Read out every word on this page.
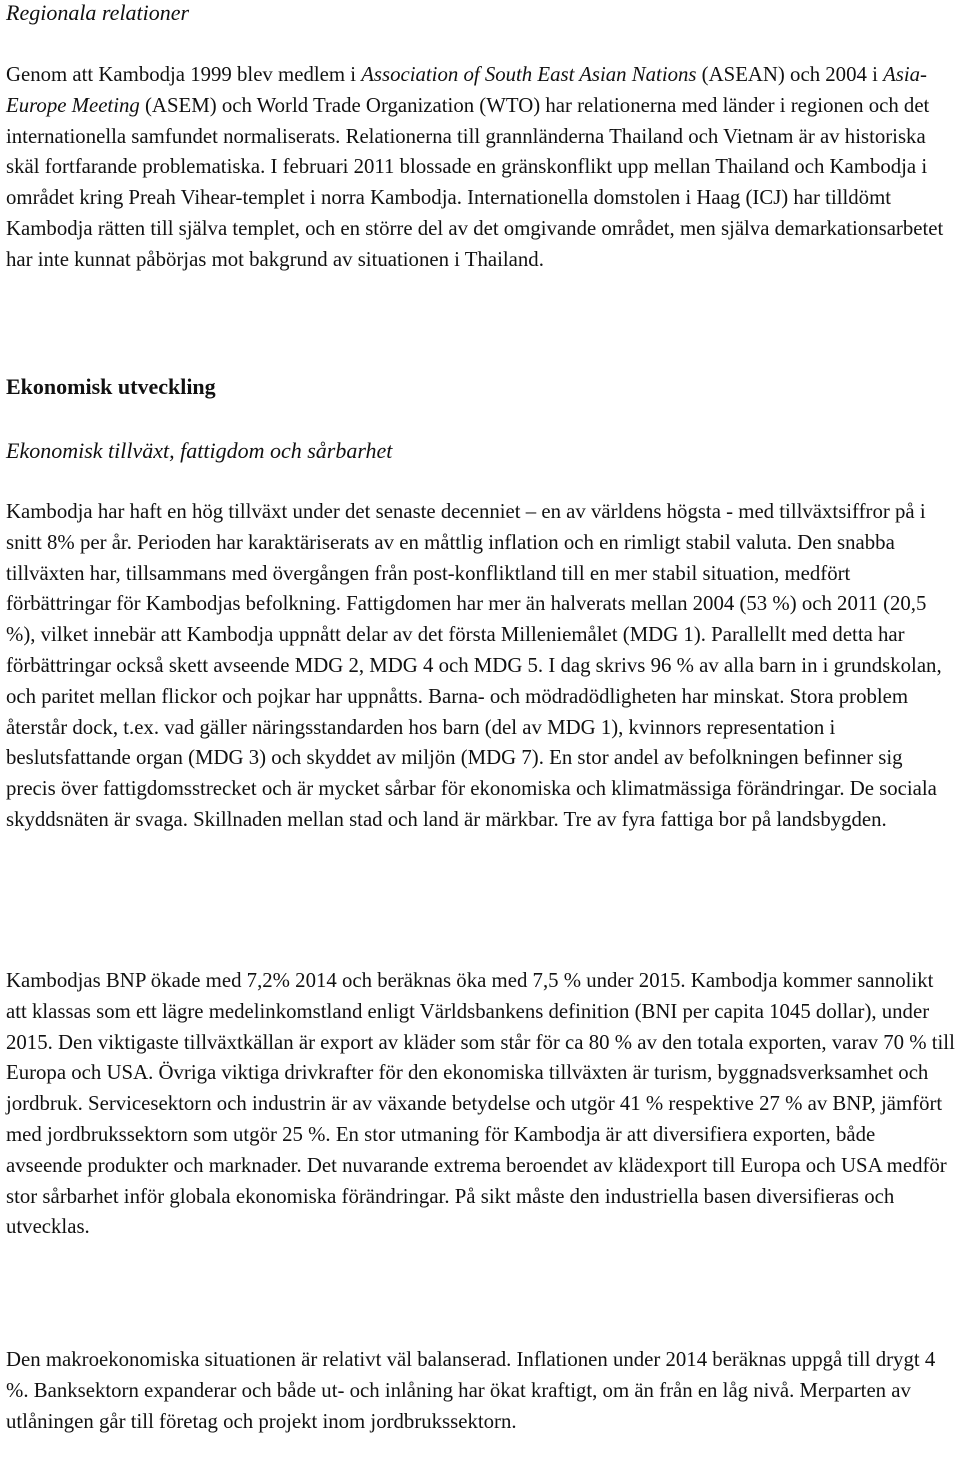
Regionala relationer

Genom att Kambodja 1999 blev medlem i Association of South East Asian Nations (ASEAN) och 2004 i Asia-Europe Meeting (ASEM) och World Trade Organization (WTO) har relationerna med länder i regionen och det internationella samfundet normaliserats. Relationerna till grannländerna Thailand och Vietnam är av historiska skäl fortfarande problematiska. I februari 2011 blossade en gränskonflikt upp mellan Thailand och Kambodja i området kring Preah Vihear-templet i norra Kambodja. Internationella domstolen i Haag (ICJ) har tilldömt Kambodja rätten till själva templet, och en större del av det omgivande området, men själva demarkationsarbetet har inte kunnat påbörjas mot bakgrund av situationen i Thailand.

Ekonomisk utveckling
Ekonomisk tillväxt, fattigdom och sårbarhet

Kambodja har haft en hög tillväxt under det senaste decenniet – en av världens högsta - med tillväxtsiffror på i snitt 8% per år. Perioden har karaktäriserats av en måttlig inflation och en rimligt stabil valuta. Den snabba tillväxten har, tillsammans med övergången från post-konfliktland till en mer stabil situation, medfört förbättringar för Kambodjas befolkning. Fattigdomen har mer än halverats mellan 2004 (53 %) och 2011 (20,5 %), vilket innebär att Kambodja uppnått delar av det första Milleniemålet (MDG 1). Parallellt med detta har förbättringar också skett avseende MDG 2, MDG 4 och MDG 5. I dag skrivs 96 % av alla barn in i grundskolan, och paritet mellan flickor och pojkar har uppnåtts. Barna- och mödradödligheten har minskat. Stora problem återstår dock, t.ex. vad gäller näringsstandarden hos barn (del av MDG 1), kvinnors representation i beslutsfattande organ (MDG 3) och skyddet av miljön (MDG 7). En stor andel av befolkningen befinner sig precis över fattigdomsstrecket och är mycket sårbar för ekonomiska och klimatmässiga förändringar. De sociala skyddsnäten är svaga. Skillnaden mellan stad och land är märkbar. Tre av fyra fattiga bor på landsbygden.

Kambodjas BNP ökade med 7,2% 2014 och beräknas öka med 7,5 % under 2015. Kambodja kommer sannolikt att klassas som ett lägre medelinkomstland enligt Världsbankens definition (BNI per capita 1045 dollar), under 2015. Den viktigaste tillväxtkällan är export av kläder som står för ca 80 % av den totala exporten, varav 70 % till Europa och USA. Övriga viktiga drivkrafter för den ekonomiska tillväxten är turism, byggnadsverksamhet och jordbruk. Servicesektorn och industrin är av växande betydelse och utgör 41 % respektive 27 % av BNP, jämfört med jordbrukssektorn som utgör 25 %. En stor utmaning för Kambodja är att diversifiera exporten, både avseende produkter och marknader. Det nuvarande extrema beroendet av klädexport till Europa och USA medför stor sårbarhet inför globala ekonomiska förändringar. På sikt måste den industriella basen diversifieras och utvecklas.

Den makroekonomiska situationen är relativt väl balanserad. Inflationen under 2014 beräknas uppgå till drygt 4 %. Banksektorn expanderar och både ut- och inlåning har ökat kraftigt, om än från en låg nivå. Merparten av utlåningen går till företag och projekt inom jordbrukssektorn.
